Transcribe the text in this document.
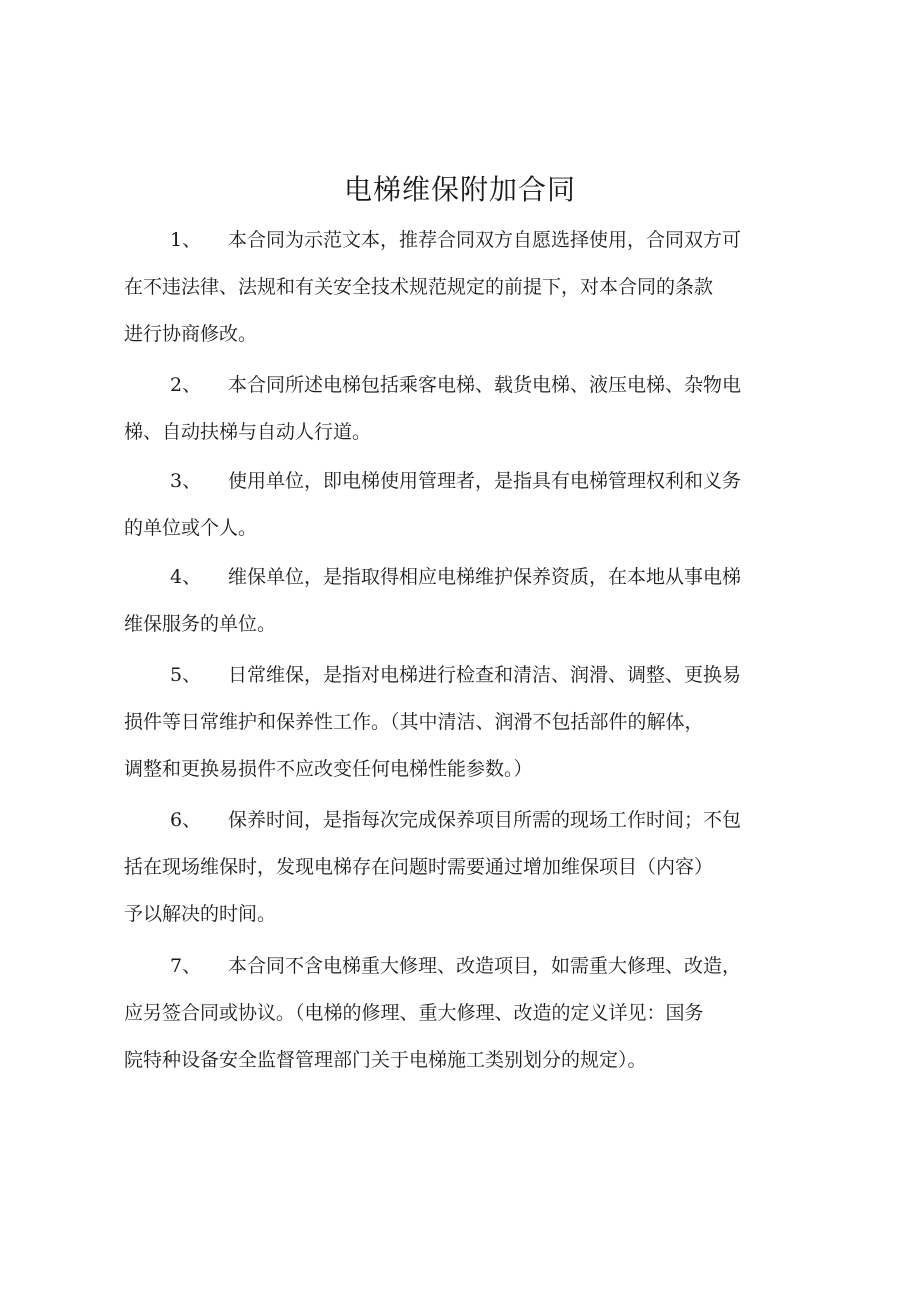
电梯维保附加合同
1、 本合同为示范文本，推荐合同双方自愿选择使用，合同双方可
在不违法律、法规和有关安全技术规范规定的前提下，对本合同的条款
进行协商修改。
2、 本合同所述电梯包括乘客电梯、载货电梯、液压电梯、杂物电
梯、自动扶梯与自动人行道。
3、 使用单位，即电梯使用管理者，是指具有电梯管理权利和义务
的单位或个人。
4、 维保单位，是指取得相应电梯维护保养资质，在本地从事电梯
维保服务的单位。
5、 日常维保，是指对电梯进行检查和清洁、润滑、调整、更换易
损件等日常维护和保养性工作。（其中清洁、润滑不包括部件的解体，
调整和更换易损件不应改变任何电梯性能参数。）
6、 保养时间，是指每次完成保养项目所需的现场工作时间；不包
括在现场维保时，发现电梯存在问题时需要通过增加维保项目（内容）
予以解决的时间。
7、 本合同不含电梯重大修理、改造项目，如需重大修理、改造，
应另签合同或协议。（电梯的修理、重大修理、改造的定义详见：国务
院特种设备安全监督管理部门关于电梯施工类别划分的规定）。
